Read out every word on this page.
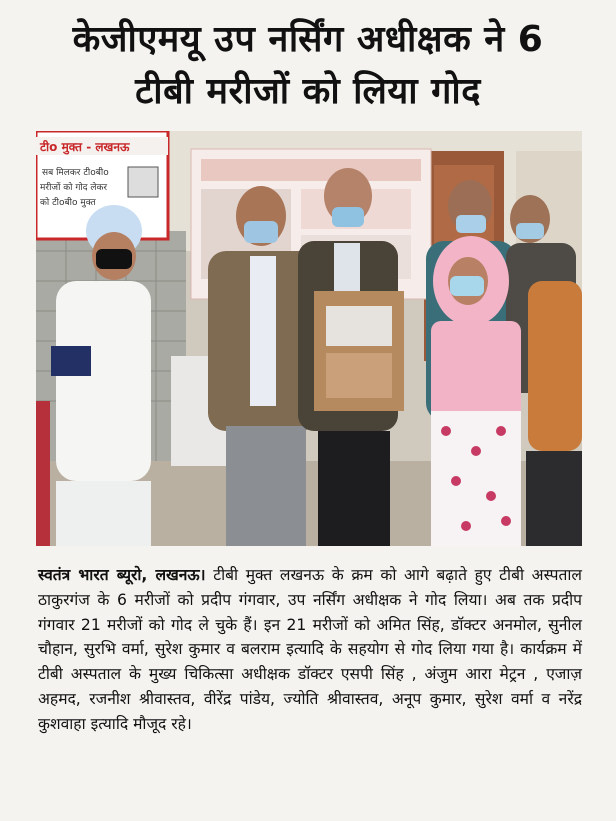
केजीएमयू उप नर्सिंग अधीक्षक ने 6
टीबी मरीजों को लिया गोद
टीo मुक्त - लखनऊ
सब मिलकर टीoबीo
मरीजों को गोद लेकर
को टीoबीo मुक्त
स्वतंत्र भारत ब्यूरो, लखनऊ। टीबी मुक्त लखनऊ के क्रम को आगे बढ़ाते हुए टीबी अस्पताल ठाकुरगंज के 6 मरीजों को प्रदीप गंगवार, उप नर्सिंग अधीक्षक ने गोद लिया। अब तक प्रदीप गंगवार 21 मरीजों को गोद ले चुके हैं। इन 21 मरीजों को अमित सिंह, डॉक्टर अनमोल, सुनील चौहान, सुरभि वर्मा, सुरेश कुमार व बलराम इत्यादि के सहयोग से गोद लिया गया है। कार्यक्रम में टीबी अस्पताल के मुख्य चिकित्सा अधीक्षक डॉक्टर एसपी सिंह , अंजुम आरा मेट्रन , एजाज़ अहमद, रजनीश श्रीवास्तव, वीरेंद्र पांडेय, ज्योति श्रीवास्तव, अनूप कुमार, सुरेश वर्मा व नरेंद्र कुशवाहा इत्यादि मौजूद रहे।
